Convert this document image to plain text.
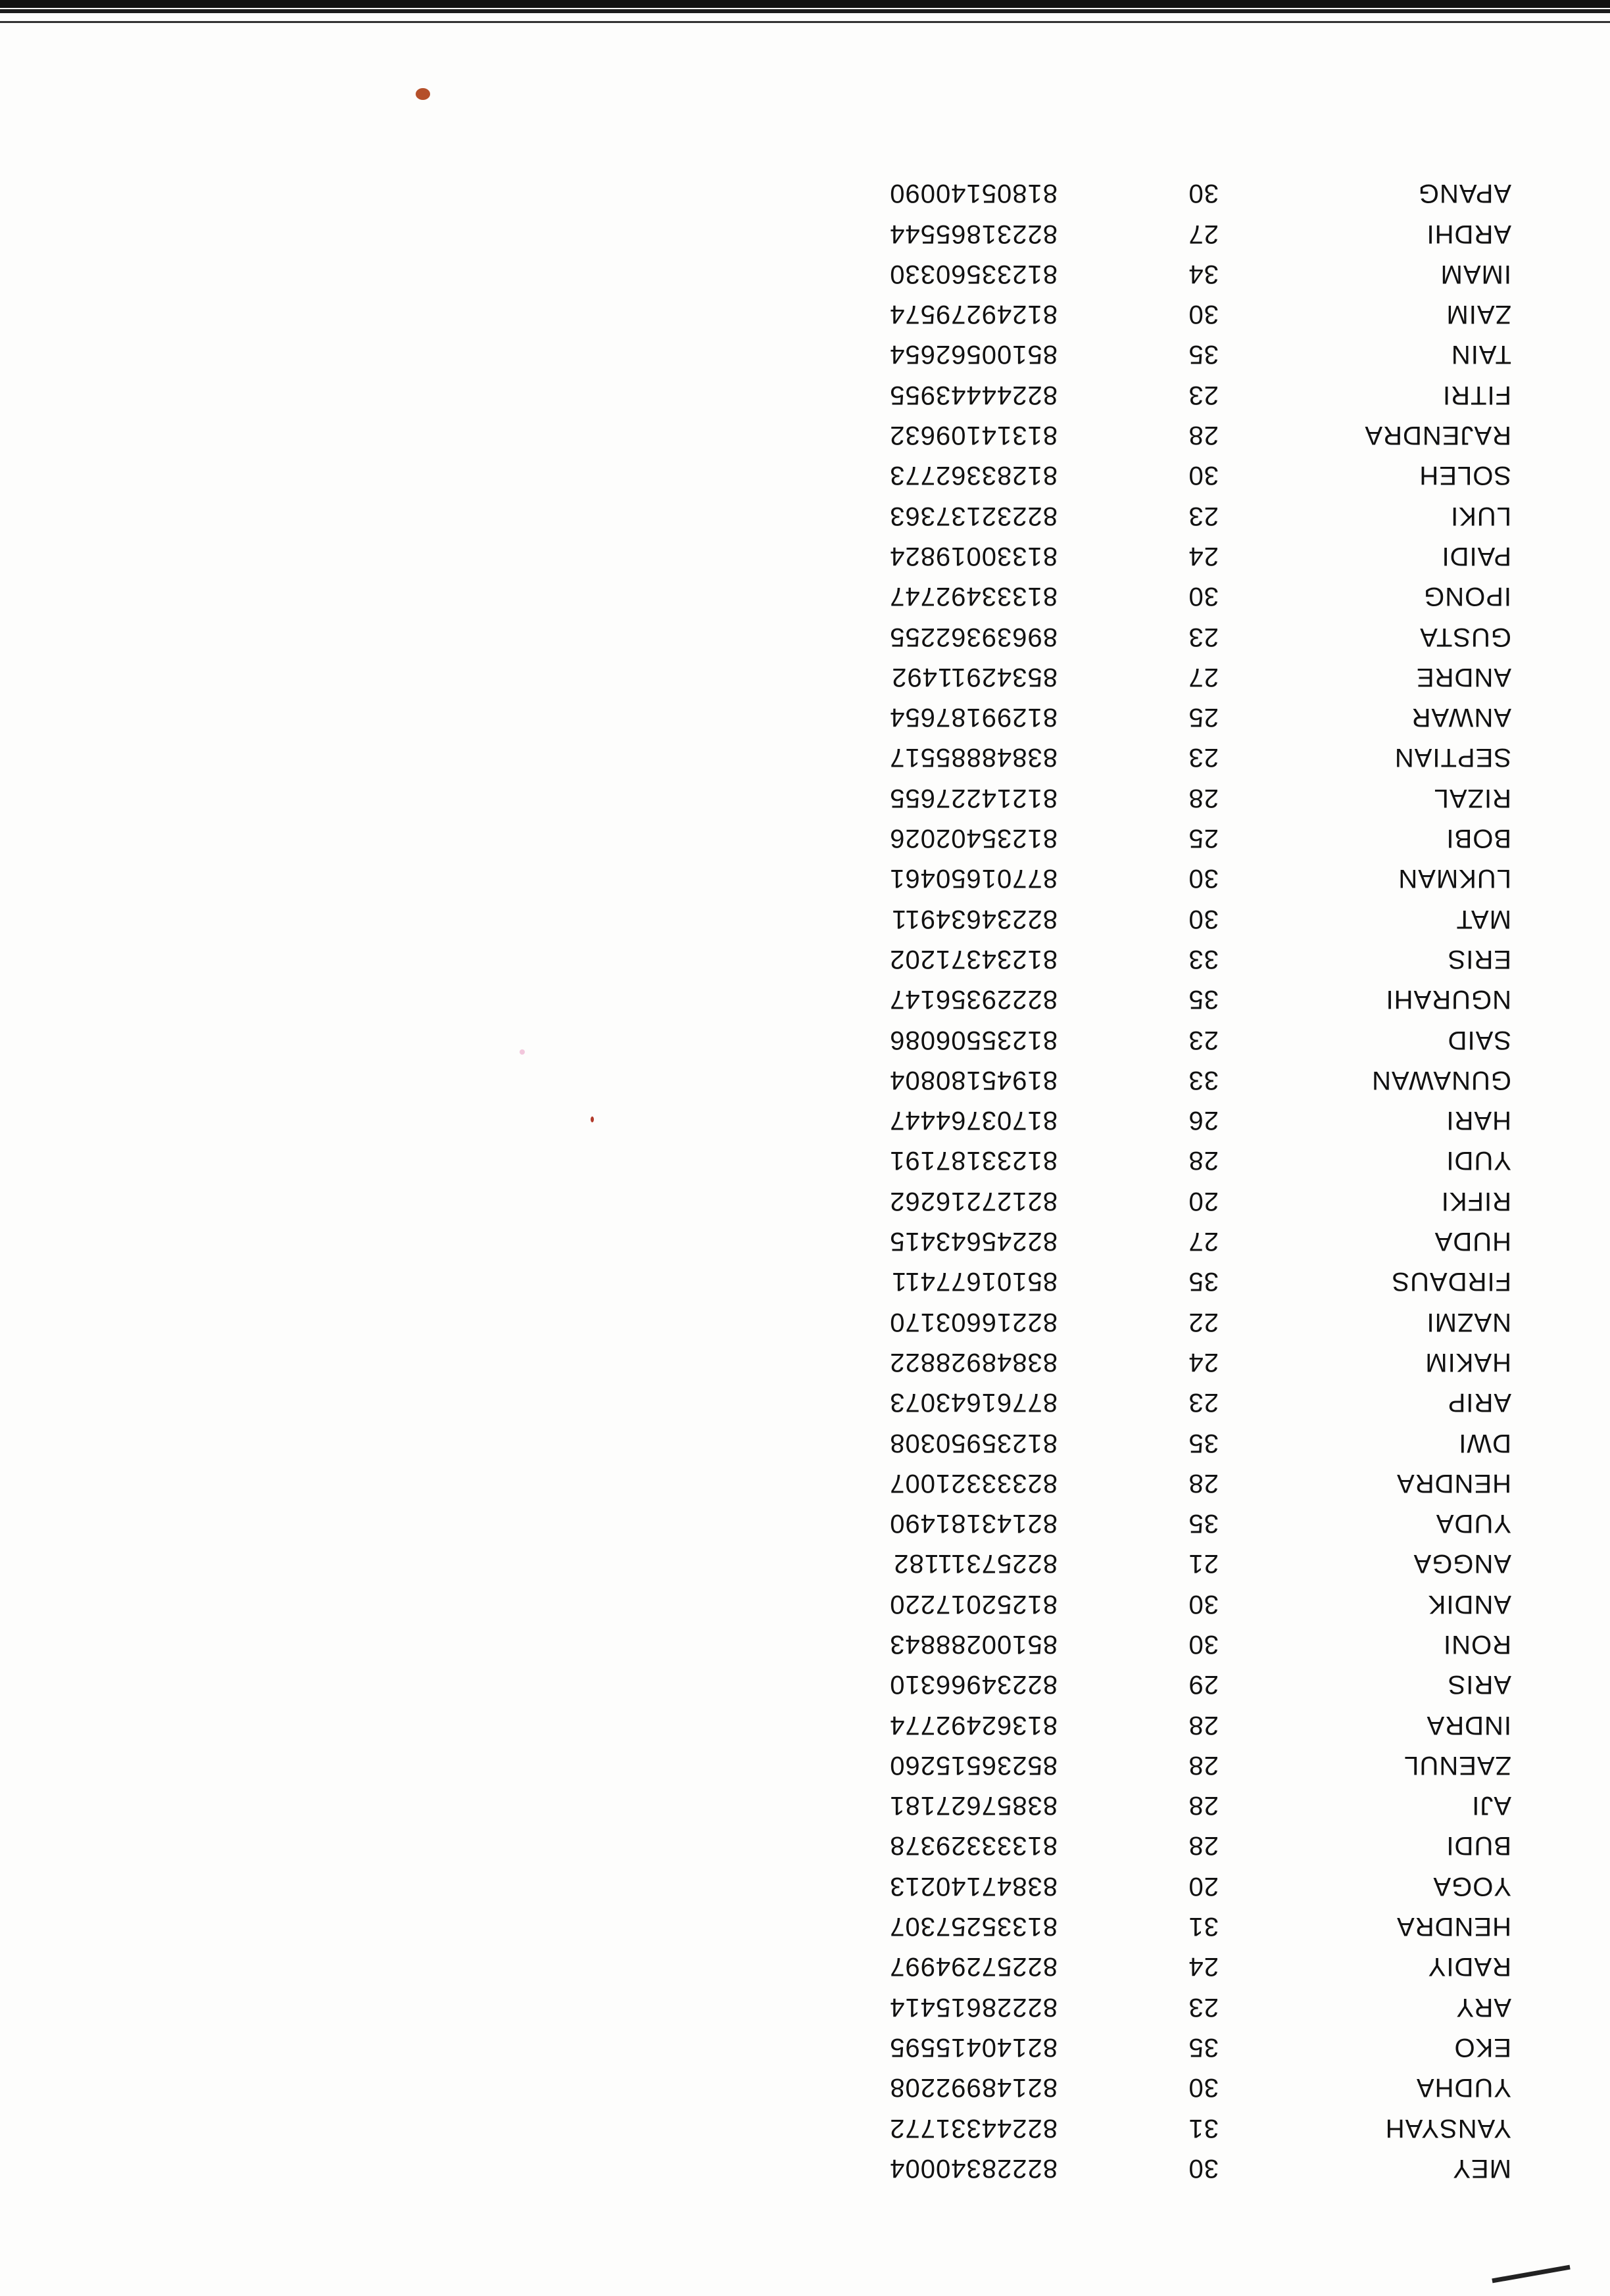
MEY
30
82228340004
YANSYAH
31
82244331772
YUDHA
30
82148992208
EKO
35
82140415595
ARY
23
82228615414
RADIY
24
82257294997
HENDRA
31
81335257307
YOGA
20
83847140213
BUDI
28
81333329378
AJI
28
83857627181
ZAENUL
28
85236515260
INDRA
28
81362492774
ARIS
29
82234966310
RONI
30
85100288843
ANDIK
30
81252017220
ANGGA
21
82257311182
YUDA
35
82143181490
HENDRA
28
82333321007
DWI
35
81235950308
ARIP
23
87761643073
HAKIM
24
83848928822
NAZMI
22
82216603170
FIRDAUS
35
85101677411
HUDA
27
82245643415
RIFKI
20
82127216262
YUDI
28
81233187191
HARI
26
81703764447
GUNAWAN
33
81945180804
SAID
23
81235506086
NGURAHI
35
82229356147
ERIS
33
81234371202
MAT
30
82234634911
LUKMAN
30
87701650461
BOBI
25
81235402026
RIZAL
28
81214227655
SEPTIAN
23
83848885517
ANWAR
25
81299187654
ANDRE
27
85342911492
GUSTA
23
89639362255
IPONG
30
81333492747
PAIDI
24
81330019824
LUKI
23
82232137363
SOLEH
30
81283362773
RAJENDRA
28
81314109632
FITRI
23
82244443955
TAIN
35
85100562654
ZAIM
30
81249279574
IMAM
34
81233560330
ARDHI
27
82231865544
APANG
30
81805140090
